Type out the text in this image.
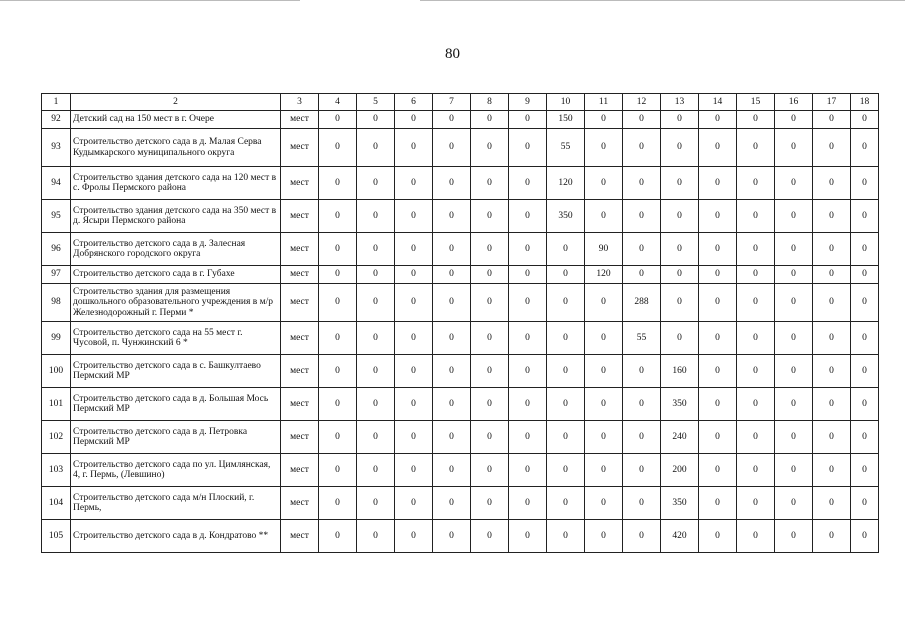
80
1	2	3	4	5	6	7	8	9	10	11	12	13	14	15	16	17	18
92	Детский сад на 150 мест в г. Очере	мест	0	0	0	0	0	0	150	0	0	0	0	0	0	0	0
93	Строительство детского сада в д. Малая Серва Кудымкарского муниципального округа	мест	0	0	0	0	0	0	55	0	0	0	0	0	0	0	0
94	Строительство здания детского сада на 120 мест в с. Фролы Пермского района	мест	0	0	0	0	0	0	120	0	0	0	0	0	0	0	0
95	Строительство здания детского сада на 350 мест в д. Ясыри Пермского района	мест	0	0	0	0	0	0	350	0	0	0	0	0	0	0	0
96	Строительство детского сада в д. Залесная Добрянского городского округа	мест	0	0	0	0	0	0	0	90	0	0	0	0	0	0	0
97	Строительство детского сада в г. Губахе	мест	0	0	0	0	0	0	0	120	0	0	0	0	0	0	0
98	Строительство здания для размещения дошкольного образовательного учреждения в м/р Железнодорожный г. Перми *	мест	0	0	0	0	0	0	0	0	288	0	0	0	0	0	0
99	Строительство детского сада на 55 мест г. Чусовой, п. Чунжинский 6 *	мест	0	0	0	0	0	0	0	0	55	0	0	0	0	0	0
100	Строительство детского сада в с. Башкултаево Пермский МР	мест	0	0	0	0	0	0	0	0	0	160	0	0	0	0	0
101	Строительство детского сада в д. Большая Мось Пермский МР	мест	0	0	0	0	0	0	0	0	0	350	0	0	0	0	0
102	Строительство детского сада в д. Петровка Пермский МР	мест	0	0	0	0	0	0	0	0	0	240	0	0	0	0	0
103	Строительство детского сада по ул. Цимлянская, 4, г. Пермь, (Левшино)	мест	0	0	0	0	0	0	0	0	0	200	0	0	0	0	0
104	Строительство детского сада м/н Плоский, г. Пермь,	мест	0	0	0	0	0	0	0	0	0	350	0	0	0	0	0
105	Строительство детского сада в д. Кондратово **	мест	0	0	0	0	0	0	0	0	0	420	0	0	0	0	0
